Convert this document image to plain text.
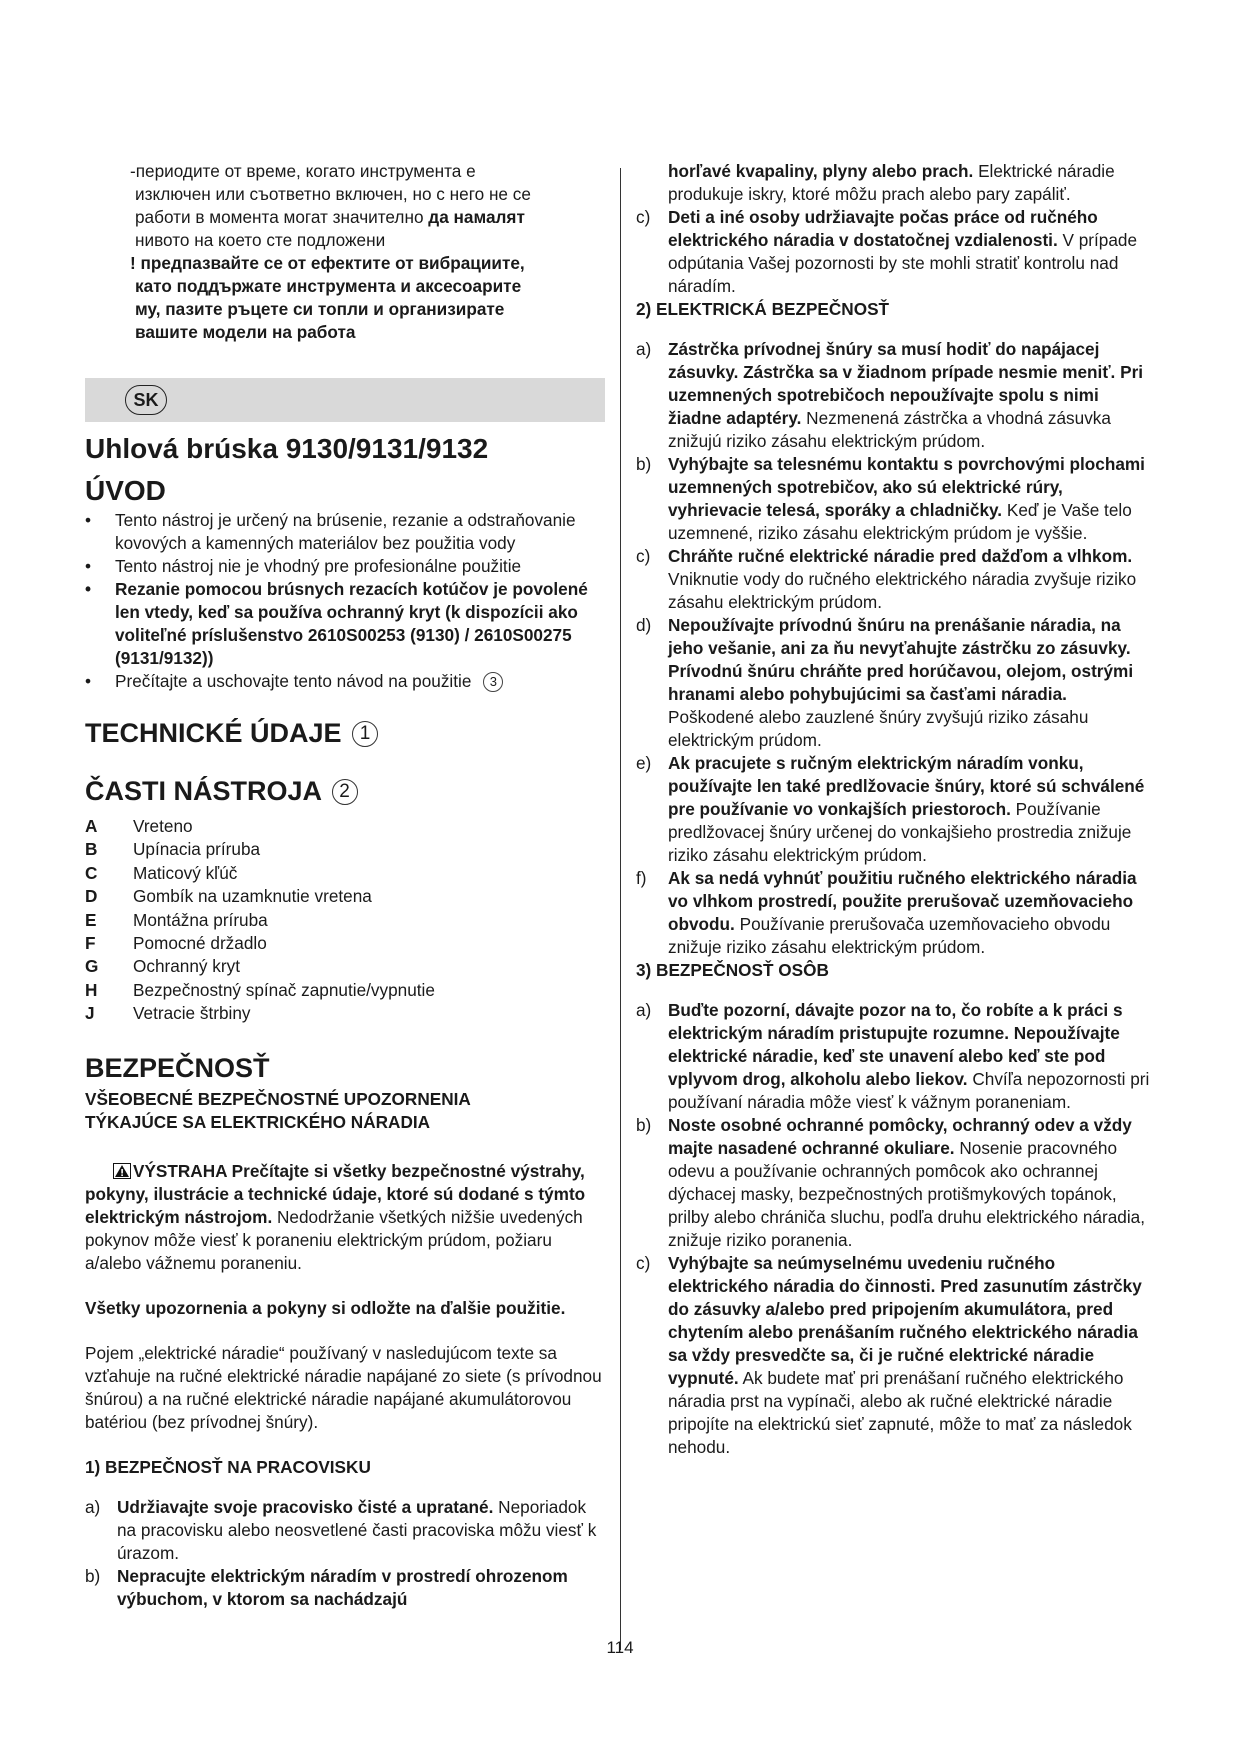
-периодите от време, когато инструмента е

изключен или съответно включен, но с него не се

работи в момента могат значително да намалят

нивото на което сте подложени

! предпазвайте се от ефектите от вибрациите,

като поддържате инструмента и аксесоарите

му, пазите ръцете си топли и организирате

вашите модели на работа

SK
Uhlová brúska 9130/9131/9132
ÚVOD
•	Tento nástroj je určený na brúsenie, rezanie a odstraňovanie kovových a kamenných materiálov bez použitia vody
•	Tento nástroj nie je vhodný pre profesionálne použitie
•	Rezanie pomocou brúsnych rezacích kotúčov je povolené len vtedy, keď sa používa ochranný kryt (k dispozícii ako voliteľné príslušenstvo 2610S00253 (9130) / 2610S00275 (9131/9132))
•	Prečítajte a uschovajte tento návod na použitie 3
TECHNICKÉ ÚDAJE 1
ČASTI NÁSTROJA 2
A	Vreteno
B	Upínacia príruba
C	Maticový kľúč
D	Gombík na uzamknutie vretena
E	Montážna príruba
F	Pomocné držadlo
G	Ochranný kryt
H	Bezpečnostný spínač zapnutie/vypnutie
J	Vetracie štrbiny
BEZPEČNOSŤ

VŠEOBECNÉ BEZPEČNOSTNÉ UPOZORNENIA TÝKAJÚCE SA ELEKTRICKÉHO NÁRADIA

VÝSTRAHA Prečítajte si všetky bezpečnostné výstrahy, pokyny, ilustrácie a technické údaje, ktoré sú dodané s týmto elektrickým nástrojom. Nedodržanie všetkých nižšie uvedených pokynov môže viesť k poraneniu elektrickým prúdom, požiaru a/alebo vážnemu poraneniu.

Všetky upozornenia a pokyny si odložte na ďalšie použitie.

Pojem „elektrické náradie“ používaný v nasledujúcom texte sa vzťahuje na ručné elektrické náradie napájané zo siete (s prívodnou šnúrou) a na ručné elektrické náradie napájané akumulátorovou batériou (bez prívodnej šnúry).

1) BEZPEČNOSŤ NA PRACOVISKU

a) Udržiavajte svoje pracovisko čisté a upratané. Neporiadok na pracovisku alebo neosvetlené časti pracoviska môžu viesť k úrazom.
b) Nepracujte elektrickým náradím v prostredí ohrozenom výbuchom, v ktorom sa nachádzajú
horľavé kvapaliny, plyny alebo prach. Elektrické náradie produkuje iskry, ktoré môžu prach alebo pary zapáliť.
c) Deti a iné osoby udržiavajte počas práce od ručného elektrického náradia v dostatočnej vzdialenosti. V prípade odpútania Vašej pozornosti by ste mohli stratiť kontrolu nad náradím.

2) ELEKTRICKÁ BEZPEČNOSŤ

a) Zástrčka prívodnej šnúry sa musí hodiť do napájacej zásuvky. Zástrčka sa v žiadnom prípade nesmie meniť. Pri uzemnených spotrebičoch nepoužívajte spolu s nimi žiadne adaptéry. Nezmenená zástrčka a vhodná zásuvka znižujú riziko zásahu elektrickým prúdom.
b) Vyhýbajte sa telesnému kontaktu s povrchovými plochami uzemnených spotrebičov, ako sú elektrické rúry, vyhrievacie telesá, sporáky a chladničky. Keď je Vaše telo uzemnené, riziko zásahu elektrickým prúdom je vyššie.
c) Chráňte ručné elektrické náradie pred dažďom a vlhkom. Vniknutie vody do ručného elektrického náradia zvyšuje riziko zásahu elektrickým prúdom.
d) Nepoužívajte prívodnú šnúru na prenášanie náradia, na jeho vešanie, ani za ňu nevyťahujte zástrčku zo zásuvky. Prívodnú šnúru chráňte pred horúčavou, olejom, ostrými hranami alebo pohybujúcimi sa časťami náradia. Poškodené alebo zauzlené šnúry zvyšujú riziko zásahu elektrickým prúdom.
e) Ak pracujete s ručným elektrickým náradím vonku, používajte len také predlžovacie šnúry, ktoré sú schválené pre používanie vo vonkajších priestoroch. Používanie predlžovacej šnúry určenej do vonkajšieho prostredia znižuje riziko zásahu elektrickým prúdom.
f) Ak sa nedá vyhnúť použitiu ručného elektrického náradia vo vlhkom prostredí, použite prerušovač uzemňovacieho obvodu. Používanie prerušovača uzemňovacieho obvodu znižuje riziko zásahu elektrickým prúdom.

3) BEZPEČNOSŤ OSÔB

a) Buďte pozorní, dávajte pozor na to, čo robíte a k práci s elektrickým náradím pristupujte rozumne. Nepoužívajte elektrické náradie, keď ste unavení alebo keď ste pod vplyvom drog, alkoholu alebo liekov. Chvíľa nepozornosti pri používaní náradia môže viesť k vážnym poraneniam.
b) Noste osobné ochranné pomôcky, ochranný odev a vždy majte nasadené ochranné okuliare. Nosenie pracovného odevu a používanie ochranných pomôcok ako ochrannej dýchacej masky, bezpečnostných protišmykových topánok, prilby alebo chrániča sluchu, podľa druhu elektrického náradia, znižuje riziko poranenia.
c) Vyhýbajte sa neúmyselnému uvedeniu ručného elektrického náradia do činnosti. Pred zasunutím zástrčky do zásuvky a/alebo pred pripojením akumulátora, pred chytením alebo prenášaním ručného elektrického náradia sa vždy presvedčte sa, či je ručné elektrické náradie vypnuté. Ak budete mať pri prenášaní ručného elektrického náradia prst na vypínači, alebo ak ručné elektrické náradie pripojíte na elektrickú sieť zapnuté, môže to mať za následok nehodu.
114
